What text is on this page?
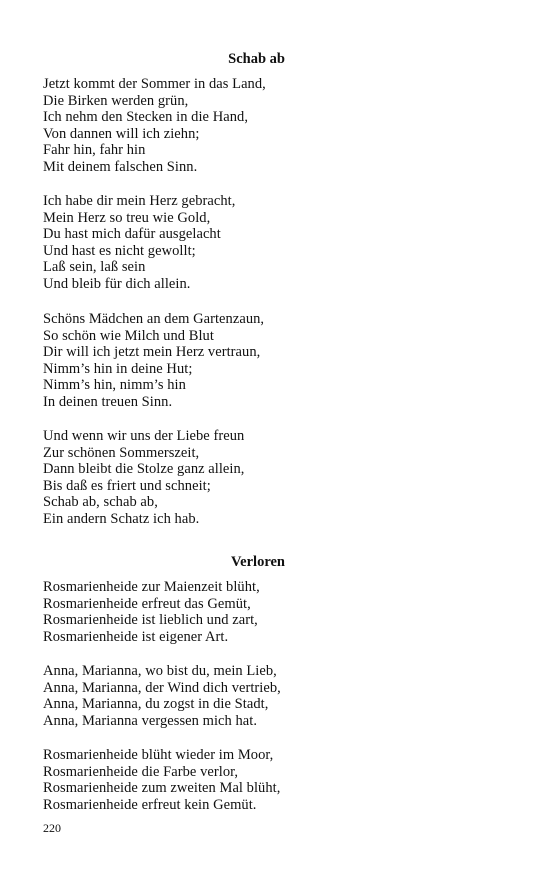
Schab ab
Jetzt kommt der Sommer in das Land,
Die Birken werden grün,
Ich nehm den Stecken in die Hand,
Von dannen will ich ziehn;
Fahr hin, fahr hin
Mit deinem falschen Sinn.
Ich habe dir mein Herz gebracht,
Mein Herz so treu wie Gold,
Du hast mich dafür ausgelacht
Und hast es nicht gewollt;
Laß sein, laß sein
Und bleib für dich allein.
Schöns Mädchen an dem Gartenzaun,
So schön wie Milch und Blut
Dir will ich jetzt mein Herz vertraun,
Nimm’s hin in deine Hut;
Nimm’s hin, nimm’s hin
In deinen treuen Sinn.
Und wenn wir uns der Liebe freun
Zur schönen Sommerszeit,
Dann bleibt die Stolze ganz allein,
Bis daß es friert und schneit;
Schab ab, schab ab,
Ein andern Schatz ich hab.
Verloren
Rosmarienheide zur Maienzeit blüht,
Rosmarienheide erfreut das Gemüt,
Rosmarienheide ist lieblich und zart,
Rosmarienheide ist eigener Art.
Anna, Marianna, wo bist du, mein Lieb,
Anna, Marianna, der Wind dich vertrieb,
Anna, Marianna, du zogst in die Stadt,
Anna, Marianna vergessen mich hat.
Rosmarienheide blüht wieder im Moor,
Rosmarienheide die Farbe verlor,
Rosmarienheide zum zweiten Mal blüht,
Rosmarienheide erfreut kein Gemüt.
220
